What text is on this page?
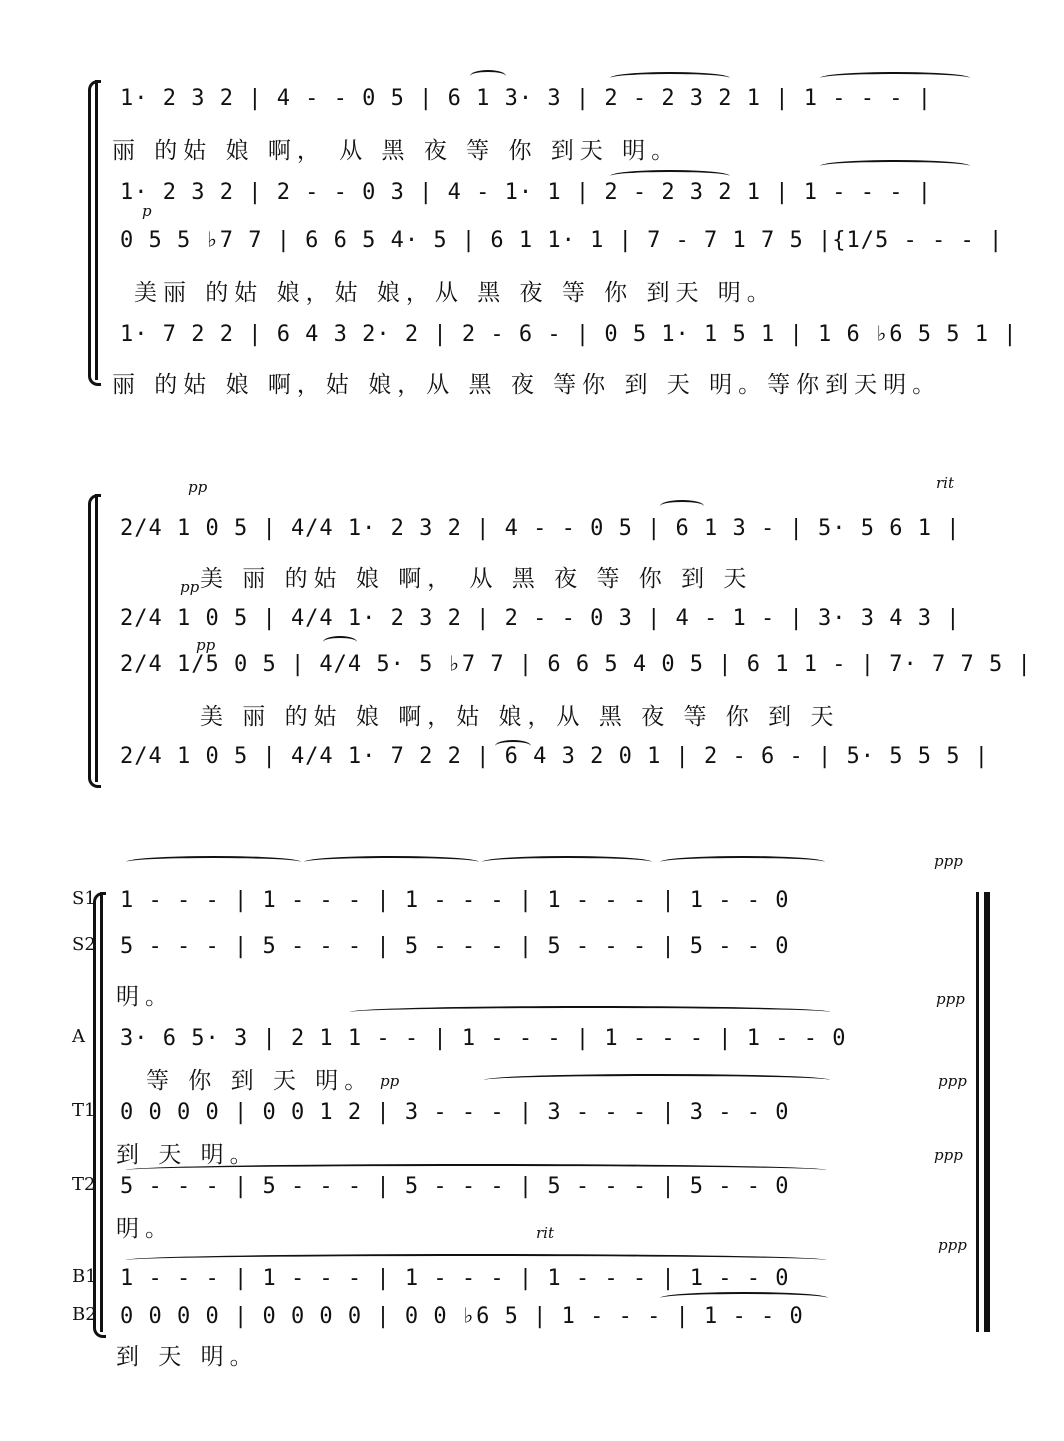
p
1· 2 3 2 | 4 - - 0 5 | 6 1 3· 3 | 2 - 2 3 2 1 | 1 - - - |
丽 的姑 娘 啊， 从 黑 夜 等 你 到天 明。
1· 2 3 2 | 2 - - 0 3 | 4 - 1· 1 | 2 - 2 3 2 1 | 1 - - - |
0 5 5 ♭7 7 | 6 6 5 4· 5 | 6 1 1· 1 | 7 - 7 1 7 5 |{1/5 - - - |
美丽 的姑 娘，姑 娘，从 黑 夜 等 你 到天 明。
1· 7 2 2 | 6 4 3 2· 2 | 2 - 6 - | 0 5 1· 1 5 1 | 1 6 ♭6 5 5 1 |
丽 的姑 娘 啊，姑 娘，从 黑 夜 等你 到 天 明。等你到天明。
pp
pp
pp
rit
2/4 1 0 5 | 4/4 1· 2 3 2 | 4 - - 0 5 | 6 1 3 - | 5· 5 6 1 |
美 丽 的姑 娘 啊， 从 黑 夜 等 你 到 天
2/4 1 0 5 | 4/4 1· 2 3 2 | 2 - - 0 3 | 4 - 1 - | 3· 3 4 3 |
2/4 1/5 0 5 | 4/4 5· 5 ♭7 7 | 6 6 5 4 0 5 | 6 1 1 - | 7· 7 7 5 |
美 丽 的姑 娘 啊，姑 娘，从 黑 夜 等 你 到 天
2/4 1 0 5 | 4/4 1· 7 2 2 | 6 4 3 2 0 1 | 2 - 6 - | 5· 5 5 5 |
S1
S2
A
T1
T2
B1
B2
ppp
ppp
pp	ppp
ppp
rit
ppp
1 - - - | 1 - - - | 1 - - - | 1 - - - | 1 - - 0
5 - - - | 5 - - - | 5 - - - | 5 - - - | 5 - - 0
明。
3· 6 5· 3 | 2 1 1 - - | 1 - - - | 1 - - - | 1 - - 0
等 你 到 天 明。
0 0 0 0 | 0 0 1 2 | 3 - - - | 3 - - - | 3 - - 0
到 天 明。
5 - - - | 5 - - - | 5 - - - | 5 - - - | 5 - - 0
明。
1 - - - | 1 - - - | 1 - - - | 1 - - - | 1 - - 0
0 0 0 0 | 0 0 0 0 | 0 0 ♭6 5 | 1 - - - | 1 - - 0
到 天 明。
